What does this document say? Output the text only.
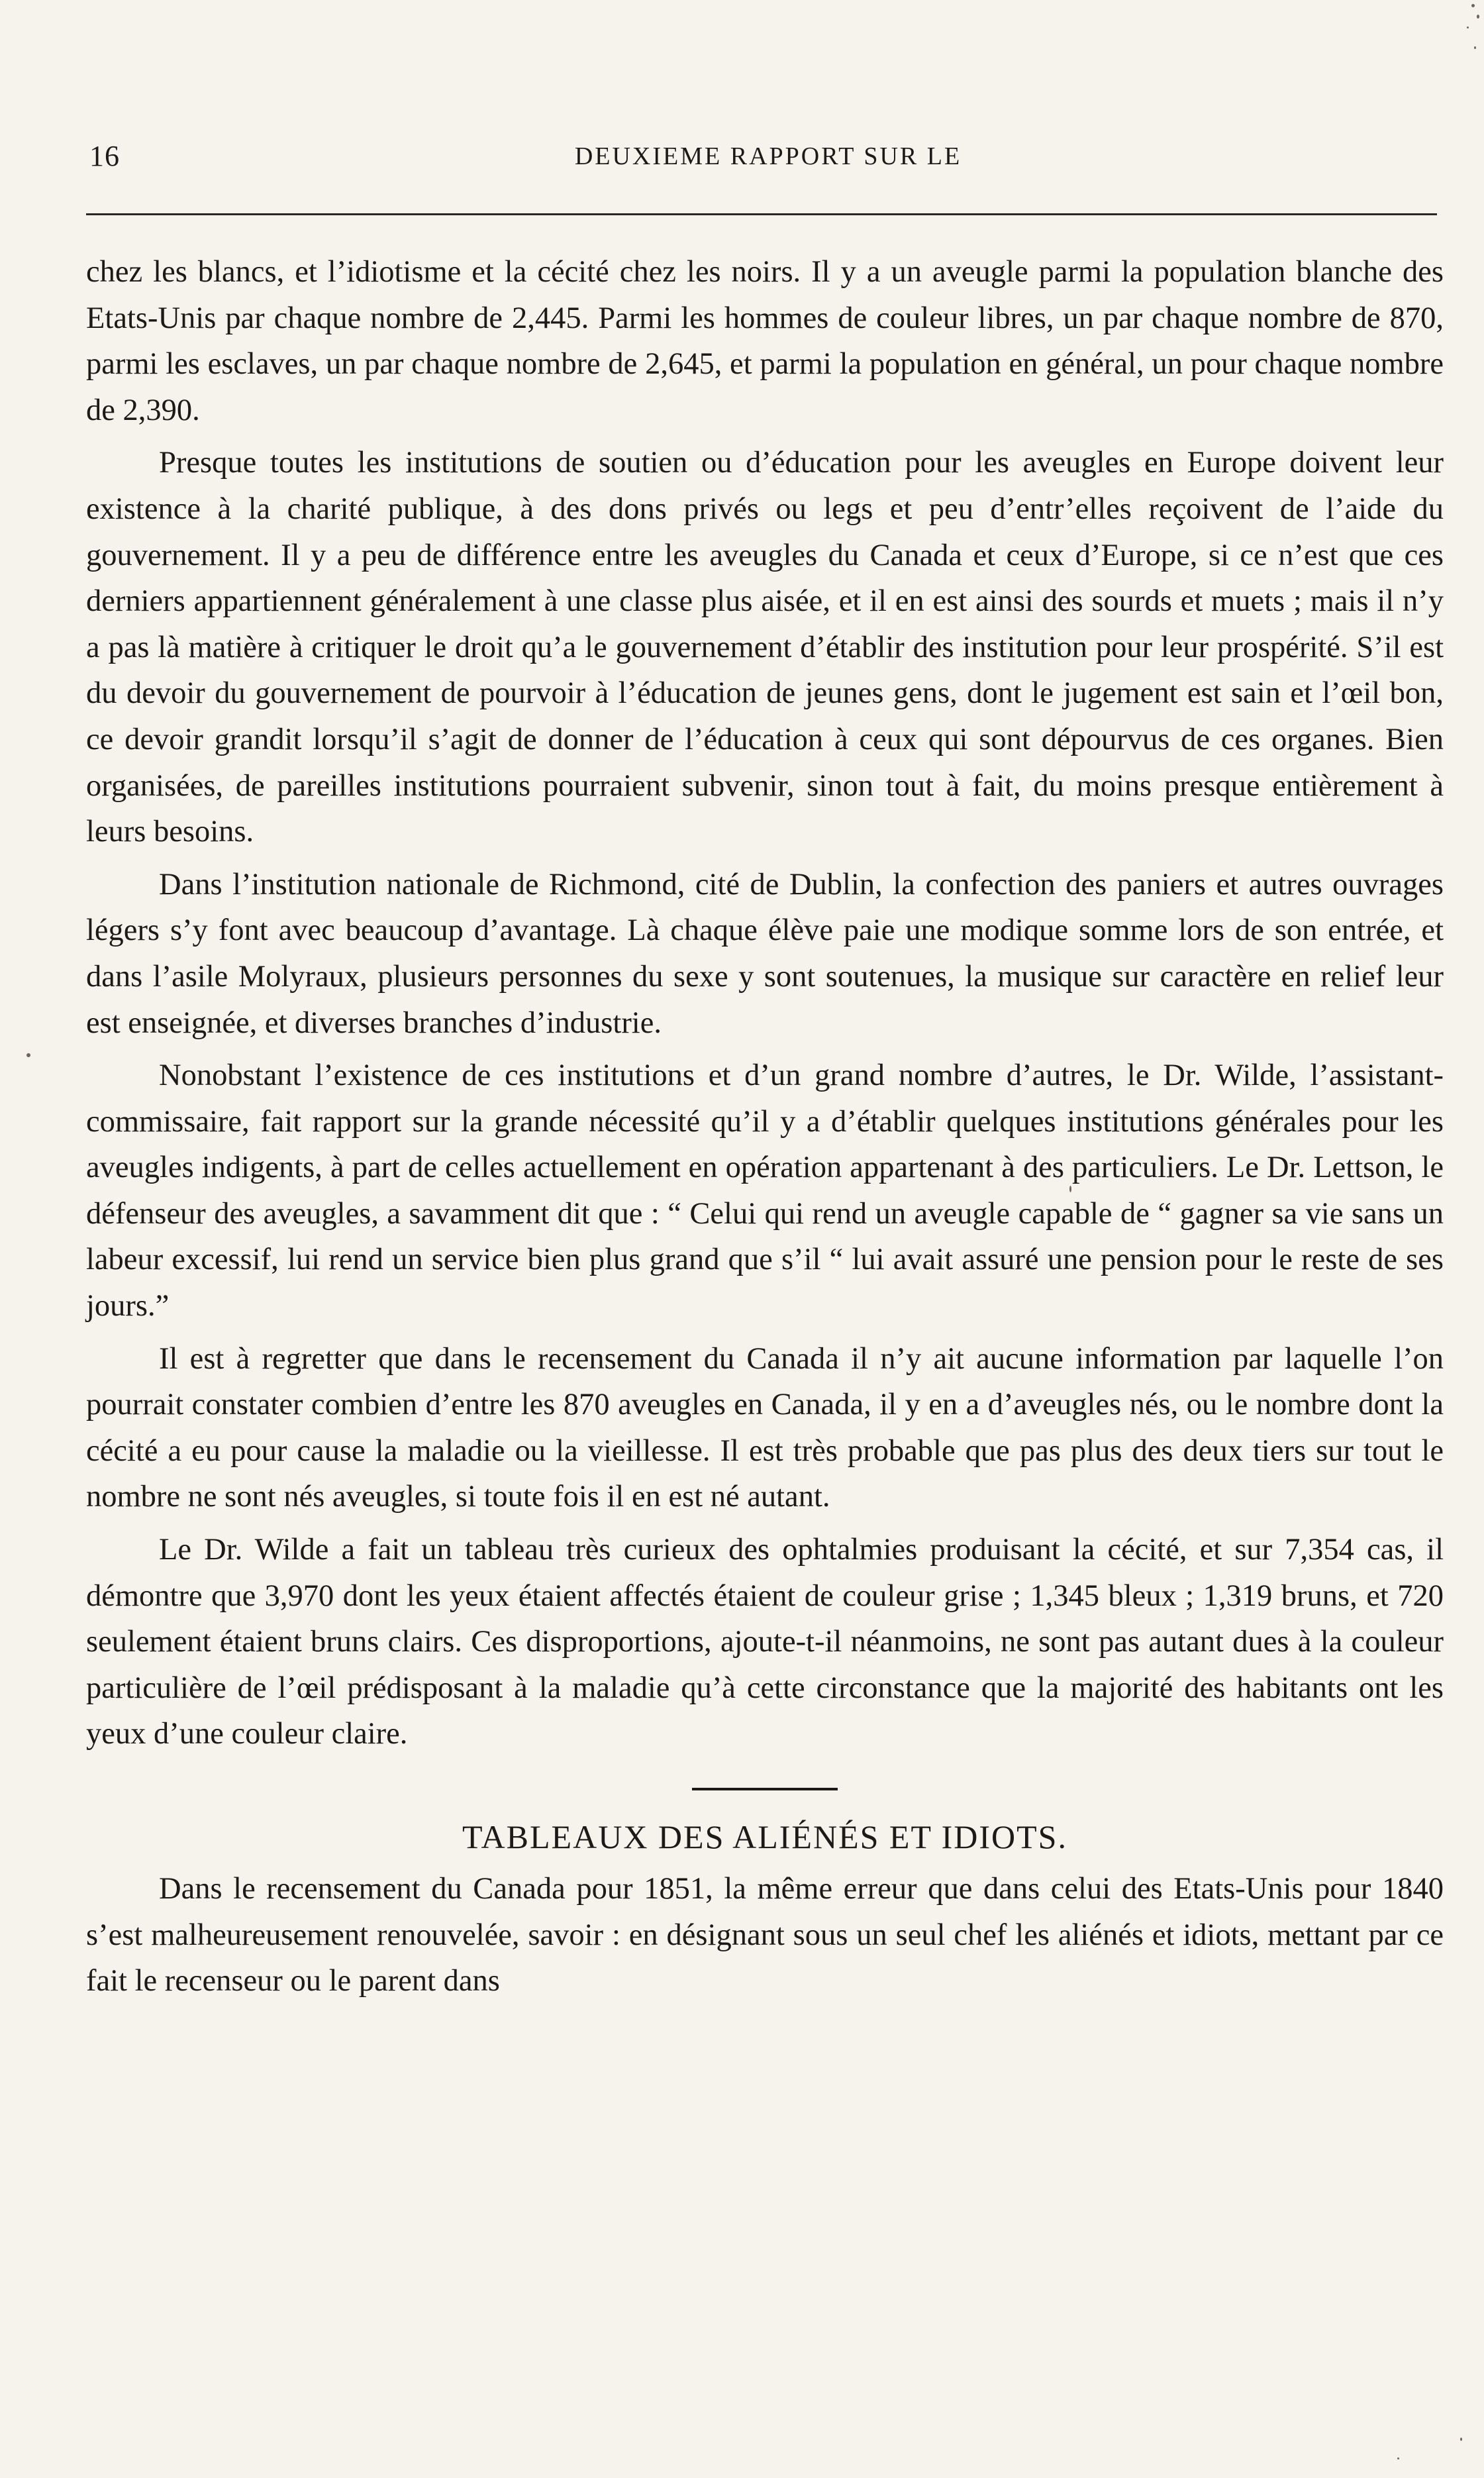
16	DEUXIEME RAPPORT SUR LE

chez les blancs, et l’idiotisme et la cécité chez les noirs. Il y a un aveugle parmi la population blanche des Etats-Unis par chaque nombre de 2,445. Parmi les hommes de couleur libres, un par chaque nombre de 870, parmi les esclaves, un par chaque nombre de 2,645, et parmi la population en général, un pour chaque nombre de 2,390.

Presque toutes les institutions de soutien ou d’éducation pour les aveugles en Europe doivent leur existence à la charité publique, à des dons privés ou legs et peu d’entr’elles reçoivent de l’aide du gouvernement. Il y a peu de différence entre les aveugles du Canada et ceux d’Europe, si ce n’est que ces derniers appartiennent généralement à une classe plus aisée, et il en est ainsi des sourds et muets ; mais il n’y a pas là matière à critiquer le droit qu’a le gouvernement d’établir des institution pour leur prospérité. S’il est du devoir du gouvernement de pourvoir à l’éducation de jeunes gens, dont le jugement est sain et l’œil bon, ce devoir grandit lorsqu’il s’agit de donner de l’éducation à ceux qui sont dépourvus de ces organes. Bien organisées, de pareilles institutions pourraient subvenir, sinon tout à fait, du moins presque entièrement à leurs besoins.

Dans l’institution nationale de Richmond, cité de Dublin, la confection des paniers et autres ouvrages légers s’y font avec beaucoup d’avantage. Là chaque élève paie une modique somme lors de son entrée, et dans l’asile Molyraux, plusieurs personnes du sexe y sont soutenues, la musique sur caractère en relief leur est enseignée, et diverses branches d’industrie.

Nonobstant l’existence de ces institutions et d’un grand nombre d’autres, le Dr. Wilde, l’assistant-commissaire, fait rapport sur la grande nécessité qu’il y a d’établir quelques institutions générales pour les aveugles indigents, à part de celles actuellement en opération appartenant à des particuliers. Le Dr. Lettson, le défenseur des aveugles, a savamment dit que : “ Celui qui rend un aveugle capable de “ gagner sa vie sans un labeur excessif, lui rend un service bien plus grand que s’il “ lui avait assuré une pension pour le reste de ses jours.”

Il est à regretter que dans le recensement du Canada il n’y ait aucune information par laquelle l’on pourrait constater combien d’entre les 870 aveugles en Canada, il y en a d’aveugles nés, ou le nombre dont la cécité a eu pour cause la maladie ou la vieillesse. Il est très probable que pas plus des deux tiers sur tout le nombre ne sont nés aveugles, si toute fois il en est né autant.

Le Dr. Wilde a fait un tableau très curieux des ophtalmies produisant la cécité, et sur 7,354 cas, il démontre que 3,970 dont les yeux étaient affectés étaient de couleur grise ; 1,345 bleux ; 1,319 bruns, et 720 seulement étaient bruns clairs. Ces disproportions, ajoute-t-il néanmoins, ne sont pas autant dues à la couleur particulière de l’œil prédisposant à la maladie qu’à cette circonstance que la majorité des habitants ont les yeux d’une couleur claire.

TABLEAUX DES ALIÉNÉS ET IDIOTS.

Dans le recensement du Canada pour 1851, la même erreur que dans celui des Etats-Unis pour 1840 s’est malheureusement renouvelée, savoir : en désignant sous un seul chef les aliénés et idiots, mettant par ce fait le recenseur ou le parent dans
